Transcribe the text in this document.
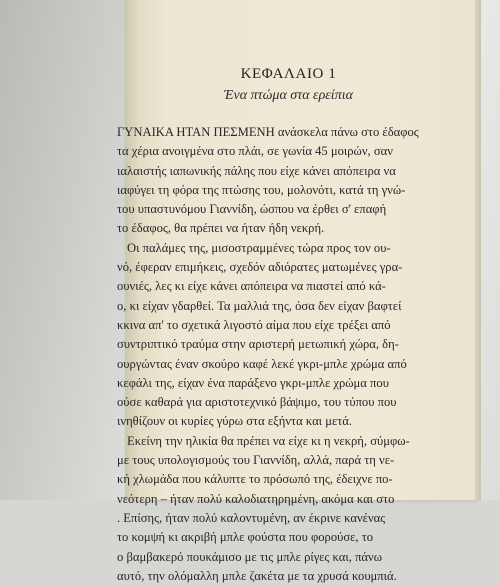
ΚΕΦΑΛΑΙΟ 1
Ένα πτώμα στα ερείπια
ΓΥΝΑΙΚΑ ΗΤΑΝ ΠΕΣΜΕΝΗ ανάσκελα πάνω στο έδαφος
τα χέρια ανοιγμένα στο πλάι, σε γωνία 45 μοιρών, σαν
ιαλαιστής ιαπωνικής πάλης που είχε κάνει απόπειρα να
ιαφύγει τη φόρα της πτώσης του, μολονότι, κατά τη γνώ-
του υπαστυνόμου Γιαννίδη, ώσπου να έρθει σ' επαφή
το έδαφος, θα πρέπει να ήταν ήδη νεκρή.
Οι παλάμες της, μισοστραμμένες τώρα προς τον ου-
νό, έφεραν επιμήκεις, σχεδόν αδιόρατες ματωμένες γρα-
ουνιές, λες κι είχε κάνει απόπειρα να πιαστεί από κά-
ο, κι είχαν γδαρθεί. Τα μαλλιά της, όσα δεν είχαν βαφτεί
κκινα απ' το σχετικά λιγοστό αίμα που είχε τρέξει από
συντριπτικό τραύμα στην αριστερή μετωπική χώρα, δη-
ουργώντας έναν σκούρο καφέ λεκέ γκρι-μπλε χρώμα από
κεφάλι της, είχαν ένα παράξενο γκρι-μπλε χρώμα που
ούσε καθαρά για αριστοτεχνικό βάψιμο, του τύπου που
ινηθίζουν οι κυρίες γύρω στα εξήντα και μετά.
Εκείνη την ηλικία θα πρέπει να είχε κι η νεκρή, σύμφω-
με τους υπολογισμούς του Γιαννίδη, αλλά, παρά τη νε-
κή χλωμάδα που κάλυπτε το πρόσωπό της, έδειχνε πο-
νεότερη – ήταν πολύ καλοδιατηρημένη, ακόμα και στο
. Επίσης, ήταν πολύ καλοντυμένη, αν έκρινε κανένας
το κομψή κι ακριβή μπλε φούστα που φορούσε, το
ο βαμβακερό πουκάμισο με τις μπλε ρίγες και, πάνω
αυτό, την ολόμαλλη μπλε ζακέτα με τα χρυσά κουμπιά.
